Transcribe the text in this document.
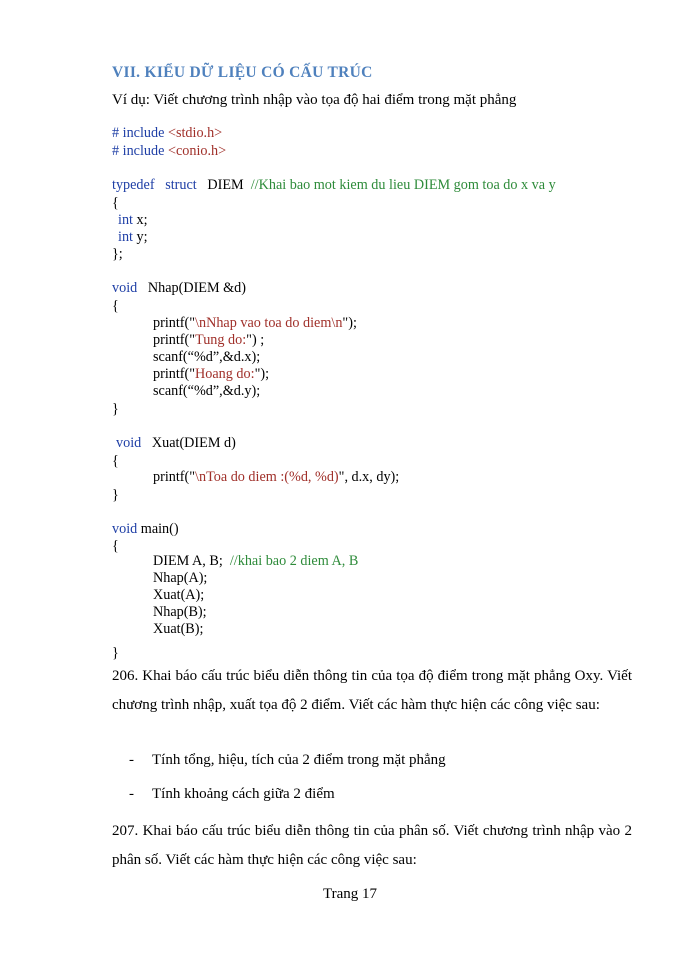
VII. KIỂU DỮ LIỆU CÓ CẤU TRÚC
Ví dụ: Viết chương trình nhập vào tọa độ hai điểm trong mặt phẳng
# include <stdio.h>
# include <conio.h>
typedef struct DIEM //Khai bao mot kiem du lieu DIEM gom toa do x va y
{
int x;
int y;
};
void Nhap(DIEM &d)
{
printf("\nNhap vao toa do diem\n");
printf("Tung do:") ;
scanf(“%d”,&d.x);
printf("Hoang do:");
scanf(“%d”,&d.y);
}
void Xuat(DIEM d)
{
printf("\nToa do diem :(%d, %d)", d.x, dy);
}
void main()
{
DIEM A, B;  //khai bao 2 diem A, B
Nhap(A);
Xuat(A);
Nhap(B);
Xuat(B);
}
206. Khai báo cấu trúc biểu diễn thông tin của tọa độ điểm trong mặt phẳng Oxy. Viết chương trình nhập, xuất tọa độ 2 điểm. Viết các hàm thực hiện các công việc sau:
- Tính tổng, hiệu, tích của 2 điểm trong mặt phẳng
- Tính khoảng cách giữa 2 điểm
207. Khai báo cấu trúc biểu diễn thông tin của phân số. Viết chương trình nhập vào 2 phân số. Viết các hàm thực hiện các công việc sau:
Trang 17
